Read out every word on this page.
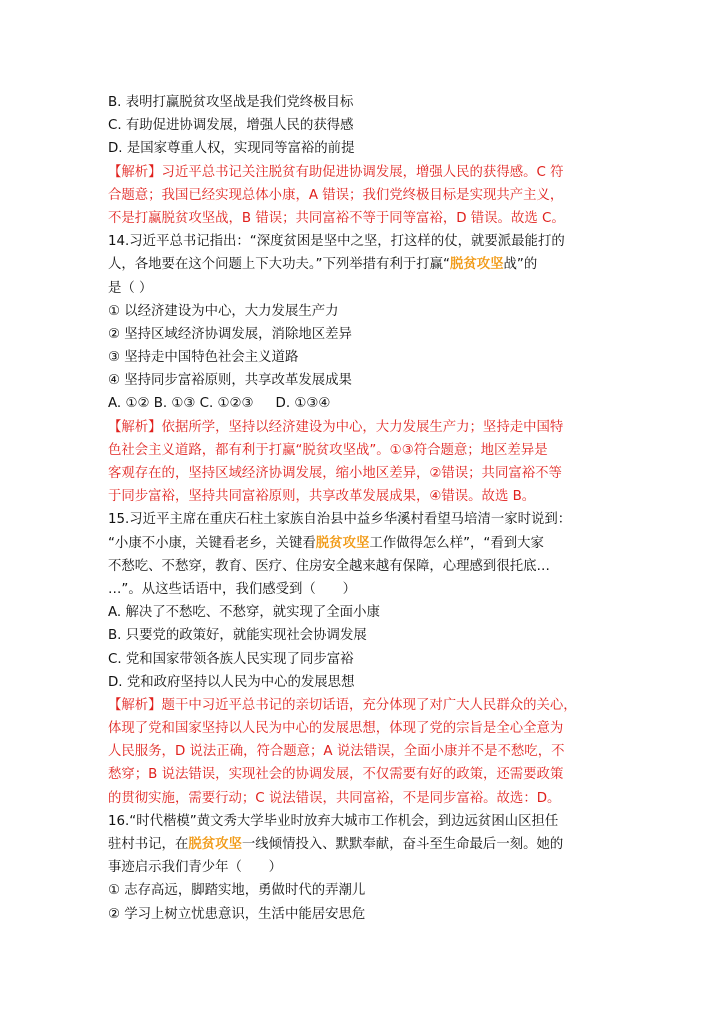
B. 表明打赢脱贫攻坚战是我们党终极目标
C. 有助促进协调发展，增强人民的获得感
D. 是国家尊重人权，实现同等富裕的前提
【解析】习近平总书记关注脱贫有助促进协调发展，增强人民的获得感。C 符
合题意；我国已经实现总体小康，A 错误；我们党终极目标是实现共产主义，
不是打赢脱贫攻坚战，B 错误；共同富裕不等于同等富裕，D 错误。故选 C。
14.习近平总书记指出：“深度贫困是坚中之坚，打这样的仗，就要派最能打的
人，各地要在这个问题上下大功夫。”下列举措有利于打赢“脱贫攻坚战”的
是（ ）
① 以经济建设为中心，大力发展生产力
② 坚持区域经济协调发展，消除地区差异
③ 坚持走中国特色社会主义道路
④ 坚持同步富裕原则，共享改革发展成果
A. ①② B. ①③ C. ①②③ D. ①③④
【解析】依据所学，坚持以经济建设为中心，大力发展生产力；坚持走中国特
色社会主义道路，都有利于打赢“脱贫攻坚战”。①③符合题意；地区差异是
客观存在的，坚持区域经济协调发展，缩小地区差异，②错误；共同富裕不等
于同步富裕，坚持共同富裕原则，共享改革发展成果，④错误。故选 B。
15.习近平主席在重庆石柱土家族自治县中益乡华溪村看望马培清一家时说到：
“小康不小康，关键看老乡，关键看脱贫攻坚工作做得怎么样”，“看到大家
不愁吃、不愁穿，教育、医疗、住房安全越来越有保障，心理感到很托底…
…”。从这些话语中，我们感受到（　　）
A. 解决了不愁吃、不愁穿，就实现了全面小康
B. 只要党的政策好，就能实现社会协调发展
C. 党和国家带领各族人民实现了同步富裕
D. 党和政府坚持以人民为中心的发展思想
【解析】题干中习近平总书记的亲切话语，充分体现了对广大人民群众的关心，
体现了党和国家坚持以人民为中心的发展思想，体现了党的宗旨是全心全意为
人民服务，D 说法正确，符合题意；A 说法错误，全面小康并不是不愁吃，不
愁穿；B 说法错误，实现社会的协调发展，不仅需要有好的政策，还需要政策
的贯彻实施，需要行动；C 说法错误，共同富裕，不是同步富裕。故选：D。
16.“时代楷模”黄文秀大学毕业时放弃大城市工作机会，到边远贫困山区担任
驻村书记，在脱贫攻坚一线倾情投入、默默奉献，奋斗至生命最后一刻。她的
事迹启示我们青少年（　　）
① 志存高远，脚踏实地，勇做时代的弄潮儿
② 学习上树立忧患意识，生活中能居安思危
